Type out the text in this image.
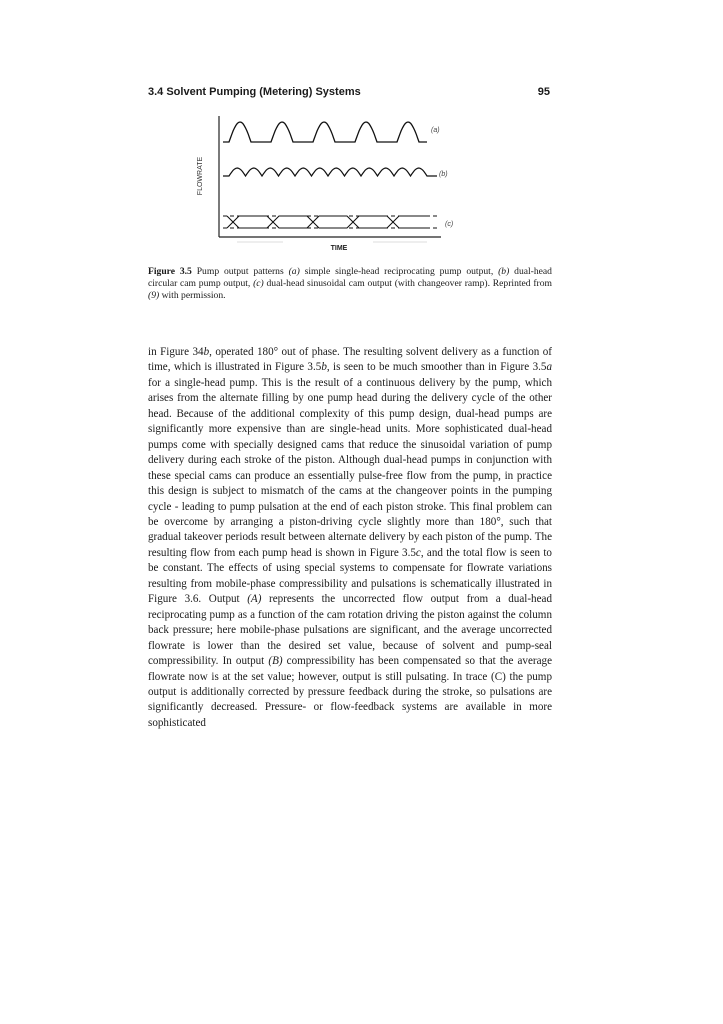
3.4 Solvent Pumping (Metering) Systems	95
FLOWRATE
TIME
(a)
(b)
(c)
Figure 3.5 Pump output patterns (a) simple single-head reciprocating pump output, (b) dual-head circular cam pump output, (c) dual-head sinusoidal cam output (with changeover ramp). Reprinted from (9) with permission.
in Figure 34b, operated 180° out of phase. The resulting solvent delivery as a function of time, which is illustrated in Figure 3.5b, is seen to be much smoother than in Figure 3.5a for a single-head pump. This is the result of a continuous delivery by the pump, which arises from the alternate filling by one pump head during the delivery cycle of the other head. Because of the additional complexity of this pump design, dual-head pumps are significantly more expensive than are single-head units. More sophisticated dual-head pumps come with specially designed cams that reduce the sinusoidal variation of pump delivery during each stroke of the piston. Although dual-head pumps in conjunction with these special cams can produce an essentially pulse-free flow from the pump, in practice this design is subject to mismatch of the cams at the changeover points in the pumping cycle - leading to pump pulsation at the end of each piston stroke. This final problem can be overcome by arranging a piston-driving cycle slightly more than 180°, such that gradual takeover periods result between alternate delivery by each piston of the pump. The resulting flow from each pump head is shown in Figure 3.5c, and the total flow is seen to be constant. The effects of using special systems to compensate for flowrate variations resulting from mobile-phase compressibility and pulsations is schematically illustrated in Figure 3.6. Output (A) represents the uncorrected flow output from a dual-head reciprocating pump as a function of the cam rotation driving the piston against the column back pressure; here mobile-phase pulsations are significant, and the average uncorrected flowrate is lower than the desired set value, because of solvent and pump-seal compressibility. In output (B) compressibility has been compensated so that the average flowrate now is at the set value; however, output is still pulsating. In trace (C) the pump output is additionally corrected by pressure feedback during the stroke, so pulsations are significantly decreased. Pressure- or flow-feedback systems are available in more sophisticated
